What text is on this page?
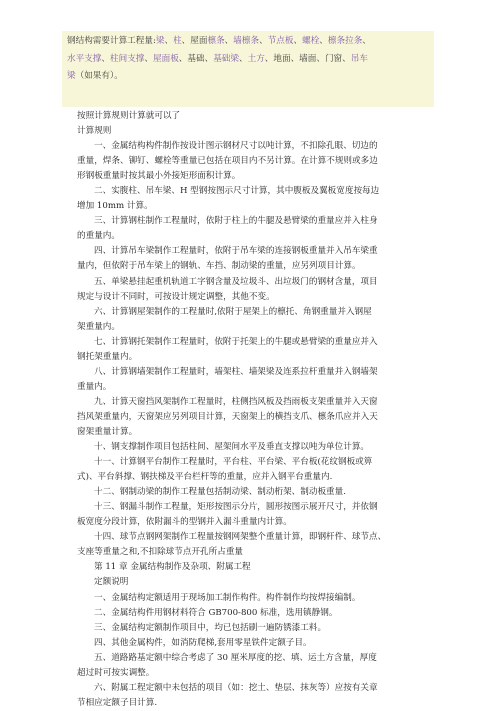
钢结构需要计算工程量:梁、柱、屋面檩条、墙檩条、节点板、螺栓、檩条拉条、
水平支撑、柱间支撑、屋面板、基础、基础梁、土方、地面、墙面、门窗、吊车
梁（如果有）。
按照计算规则计算就可以了
计算规则
一、金属结构构件制作按设计图示钢材尺寸以吨计算，不扣除孔眼、切边的
重量，焊条、铆钉、螺栓等重量已包括在项目内不另计算。在计算不规则或多边
形钢板重量时按其最小外接矩形面积计算。
二、实腹柱、吊车梁、H 型钢按图示尺寸计算，其中腹板及翼板宽度按每边
增加 10mm 计算。
三、计算钢柱制作工程量时，依附于柱上的牛腿及悬臂梁的重量应并入柱身
的重量内。
四、计算吊车梁制作工程量时，依附于吊车梁的连接钢板重量并入吊车梁重
量内，但依附于吊车梁上的钢轨、车挡、制动梁的重量，应另列项目计算。
五、单梁悬挂起重机轨道工字钢含量及垃圾斗、出垃圾门的钢材含量，项目
规定与设计不同时，可按设计规定调整，其他不变。
六、计算钢屋架制作的工程量时,依附于屋架上的檩托、角钢重量并入钢屋
架重量内。
七、计算钢托架制作工程量时，依附于托架上的牛腿或悬臂梁的重量应并入
钢托架重量内。
八、计算钢墙架制作工程量时，墙架柱、墙架梁及连系拉杆重量并入钢墙架
重量内。
九、计算天窗挡风架制作工程量时，柱侧挡风板及挡雨板支架重量并入天窗
挡风架重量内，天窗架应另列项目计算，天窗架上的横挡支爪、檩条爪应并入天
窗架重量计算。
十、钢支撑制作项目包括柱间、屋架间水平及垂直支撑以吨为单位计算。
十一、计算钢平台制作工程量时，平台柱、平台梁、平台板(花纹钢板或箅
式)、平台斜撑、钢扶梯及平台栏杆等的重量，应并入钢平台重量内.
十二、钢制动梁的制作工程量包括制动梁、制动桁架、制动板重量.
十三、钢漏斗制作工程量，矩形按图示分片，圆形按图示展开尺寸，并依钢
板宽度分段计算，依附漏斗的型钢并入漏斗重量内计算。
十四、球节点钢网架制作工程量按钢网架整个重量计算，即钢杆件、球节点、
支座等重量之和,不扣除球节点开孔所占重量
第 11 章 金属结构制作及杂项、附属工程
定额说明
一、金属结构定额适用于现场加工制作构件。构件制作均按焊接编制。
二、金属结构件用钢材料符合 GB700-800 标准，选用镇静钢。
三、金属结构定额制作项目中，均已包括刷一遍防锈漆工料。
四、其他金属构件，如消防爬梯,套用零星铁件定额子目。
五、道路路基定额中综合考虑了 30 厘米厚度的挖、填、运土方含量，厚度
超过时可按实调整。
六、附属工程定额中未包括的项目（如：挖土、垫层、抹灰等）应按有关章
节相应定额子目计算.
